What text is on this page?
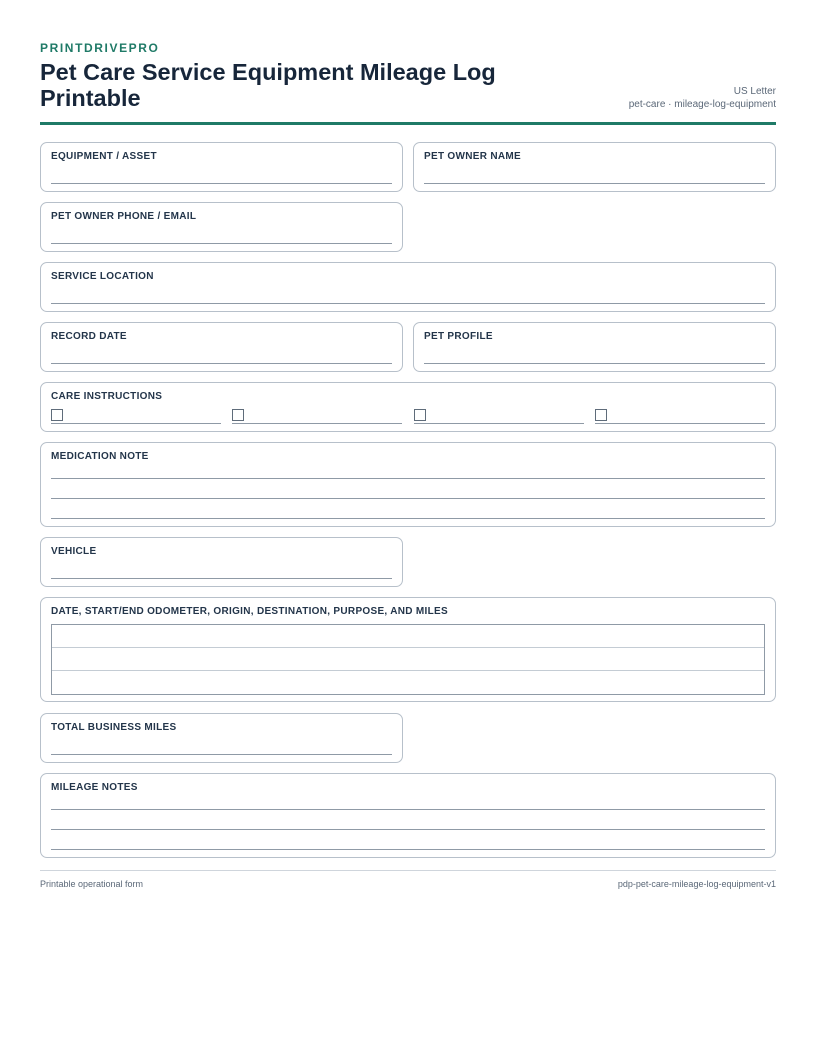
PRINTDRIVEPRO
Pet Care Service Equipment Mileage Log Printable	US Letter
pet-care · mileage-log-equipment
EQUIPMENT / ASSET	PET OWNER NAME
PET OWNER PHONE / EMAIL
SERVICE LOCATION
RECORD DATE	PET PROFILE
CARE INSTRUCTIONS
MEDICATION NOTE
VEHICLE
DATE, START/END ODOMETER, ORIGIN, DESTINATION, PURPOSE, AND MILES
TOTAL BUSINESS MILES
MILEAGE NOTES
Printable operational form	pdp-pet-care-mileage-log-equipment-v1
